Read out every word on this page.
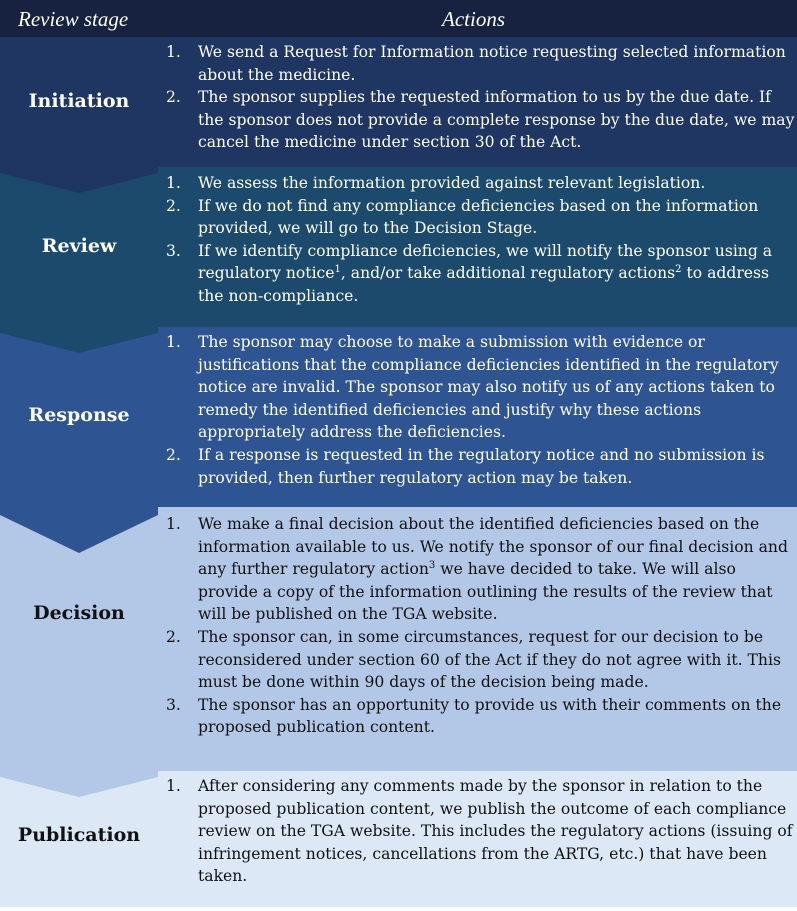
Review stage	Actions
Initiation
1. We send a Request for Information notice requesting selected information about the medicine.
2. The sponsor supplies the requested information to us by the due date. If the sponsor does not provide a complete response by the due date, we may cancel the medicine under section 30 of the Act.
Review
1. We assess the information provided against relevant legislation.
2. If we do not find any compliance deficiencies based on the information provided, we will go to the Decision Stage.
3. If we identify compliance deficiencies, we will notify the sponsor using a regulatory notice$^1$, and/or take additional regulatory actions$^2$ to address the non-compliance.
Response
1. The sponsor may choose to make a submission with evidence or justifications that the compliance deficiencies identified in the regulatory notice are invalid. The sponsor may also notify us of any actions taken to remedy the identified deficiencies and justify why these actions appropriately address the deficiencies.
2. If a response is requested in the regulatory notice and no submission is provided, then further regulatory action may be taken.
Decision
1. We make a final decision about the identified deficiencies based on the information available to us. We notify the sponsor of our final decision and any further regulatory action$^3$ we have decided to take. We will also provide a copy of the information outlining the results of the review that will be published on the TGA website.
2. The sponsor can, in some circumstances, request for our decision to be reconsidered under section 60 of the Act if they do not agree with it. This must be done within 90 days of the decision being made.
3. The sponsor has an opportunity to provide us with their comments on the proposed publication content.
Publication
1. After considering any comments made by the sponsor in relation to the proposed publication content, we publish the outcome of each compliance review on the TGA website. This includes the regulatory actions (issuing of infringement notices, cancellations from the ARTG, etc.) that have been taken.
